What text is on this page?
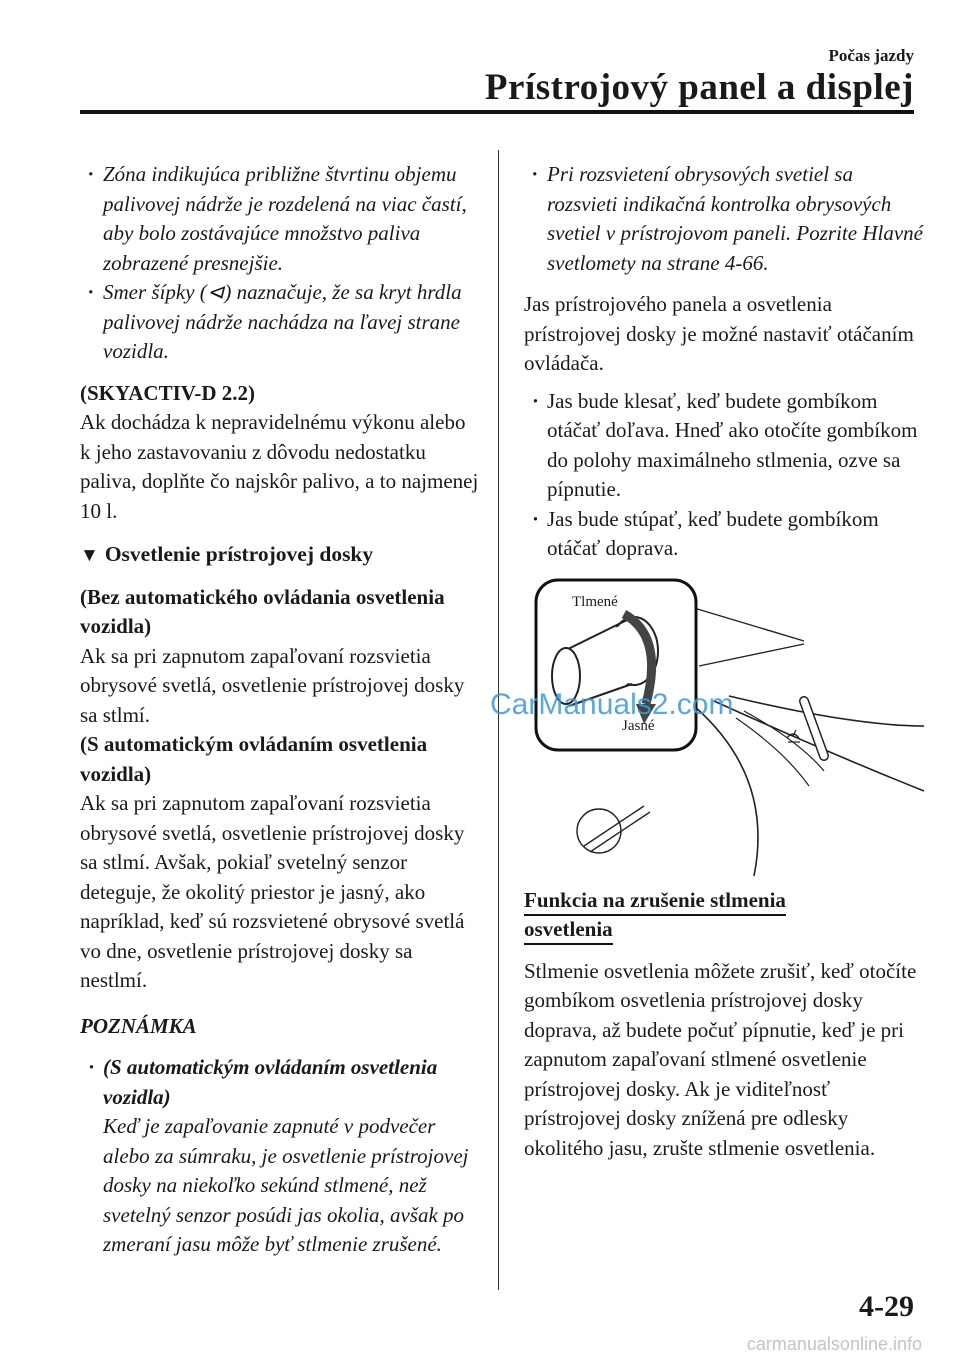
Počas jazdy
Prístrojový panel a displej

· Zóna indikujúca približne štvrtinu objemu palivovej nádrže je rozdelená na viac častí, aby bolo zostávajúce množstvo paliva zobrazené presnejšie.

· Smer šípky (⊲) naznačuje, že sa kryt hrdla palivovej nádrže nachádza na ľavej strane vozidla.

(SKYACTIV-D 2.2)

Ak dochádza k nepravidelnému výkonu alebo k jeho zastavovaniu z dôvodu nedostatku paliva, doplňte čo najskôr palivo, a to najmenej 10 l.

▼ Osvetlenie prístrojovej dosky

(Bez automatického ovládania osvetlenia vozidla)

Ak sa pri zapnutom zapaľovaní rozsvietia obrysové svetlá, osvetlenie prístrojovej dosky sa stlmí.

(S automatickým ovládaním osvetlenia vozidla)

Ak sa pri zapnutom zapaľovaní rozsvietia obrysové svetlá, osvetlenie prístrojovej dosky sa stlmí. Avšak, pokiaľ svetelný senzor deteguje, že okolitý priestor je jasný, ako napríklad, keď sú rozsvietené obrysové svetlá vo dne, osvetlenie prístrojovej dosky sa nestlmí.

POZNÁMKA

· (S automatickým ovládaním osvetlenia vozidla)

Keď je zapaľovanie zapnuté v podvečer alebo za súmraku, je osvetlenie prístrojovej dosky na niekoľko sekúnd stlmené, než svetelný senzor posúdi jas okolia, avšak po zmeraní jasu môže byť stlmenie zrušené.

· Pri rozsvietení obrysových svetiel sa rozsvieti indikačná kontrolka obrysových svetiel v prístrojovom paneli. Pozrite Hlavné svetlomety na strane 4-66.

Jas prístrojového panela a osvetlenia prístrojovej dosky je možné nastaviť otáčaním ovládača.

· Jas bude klesať, keď budete gombíkom otáčať doľava. Hneď ako otočíte gombíkom do polohy maximálneho stlmenia, ozve sa pípnutie.

· Jas bude stúpať, keď budete gombíkom otáčať doprava.

Tlmené
Jasné

Funkcia na zrušenie stlmenia osvetlenia

Stlmenie osvetlenia môžete zrušiť, keď otočíte gombíkom osvetlenia prístrojovej dosky doprava, až budete počuť pípnutie, keď je pri zapnutom zapaľovaní stlmené osvetlenie prístrojovej dosky. Ak je viditeľnosť prístrojovej dosky znížená pre odlesky okolitého jasu, zrušte stlmenie osvetlenia.

CarManuals2.com
4-29
carmanualsonline.info
